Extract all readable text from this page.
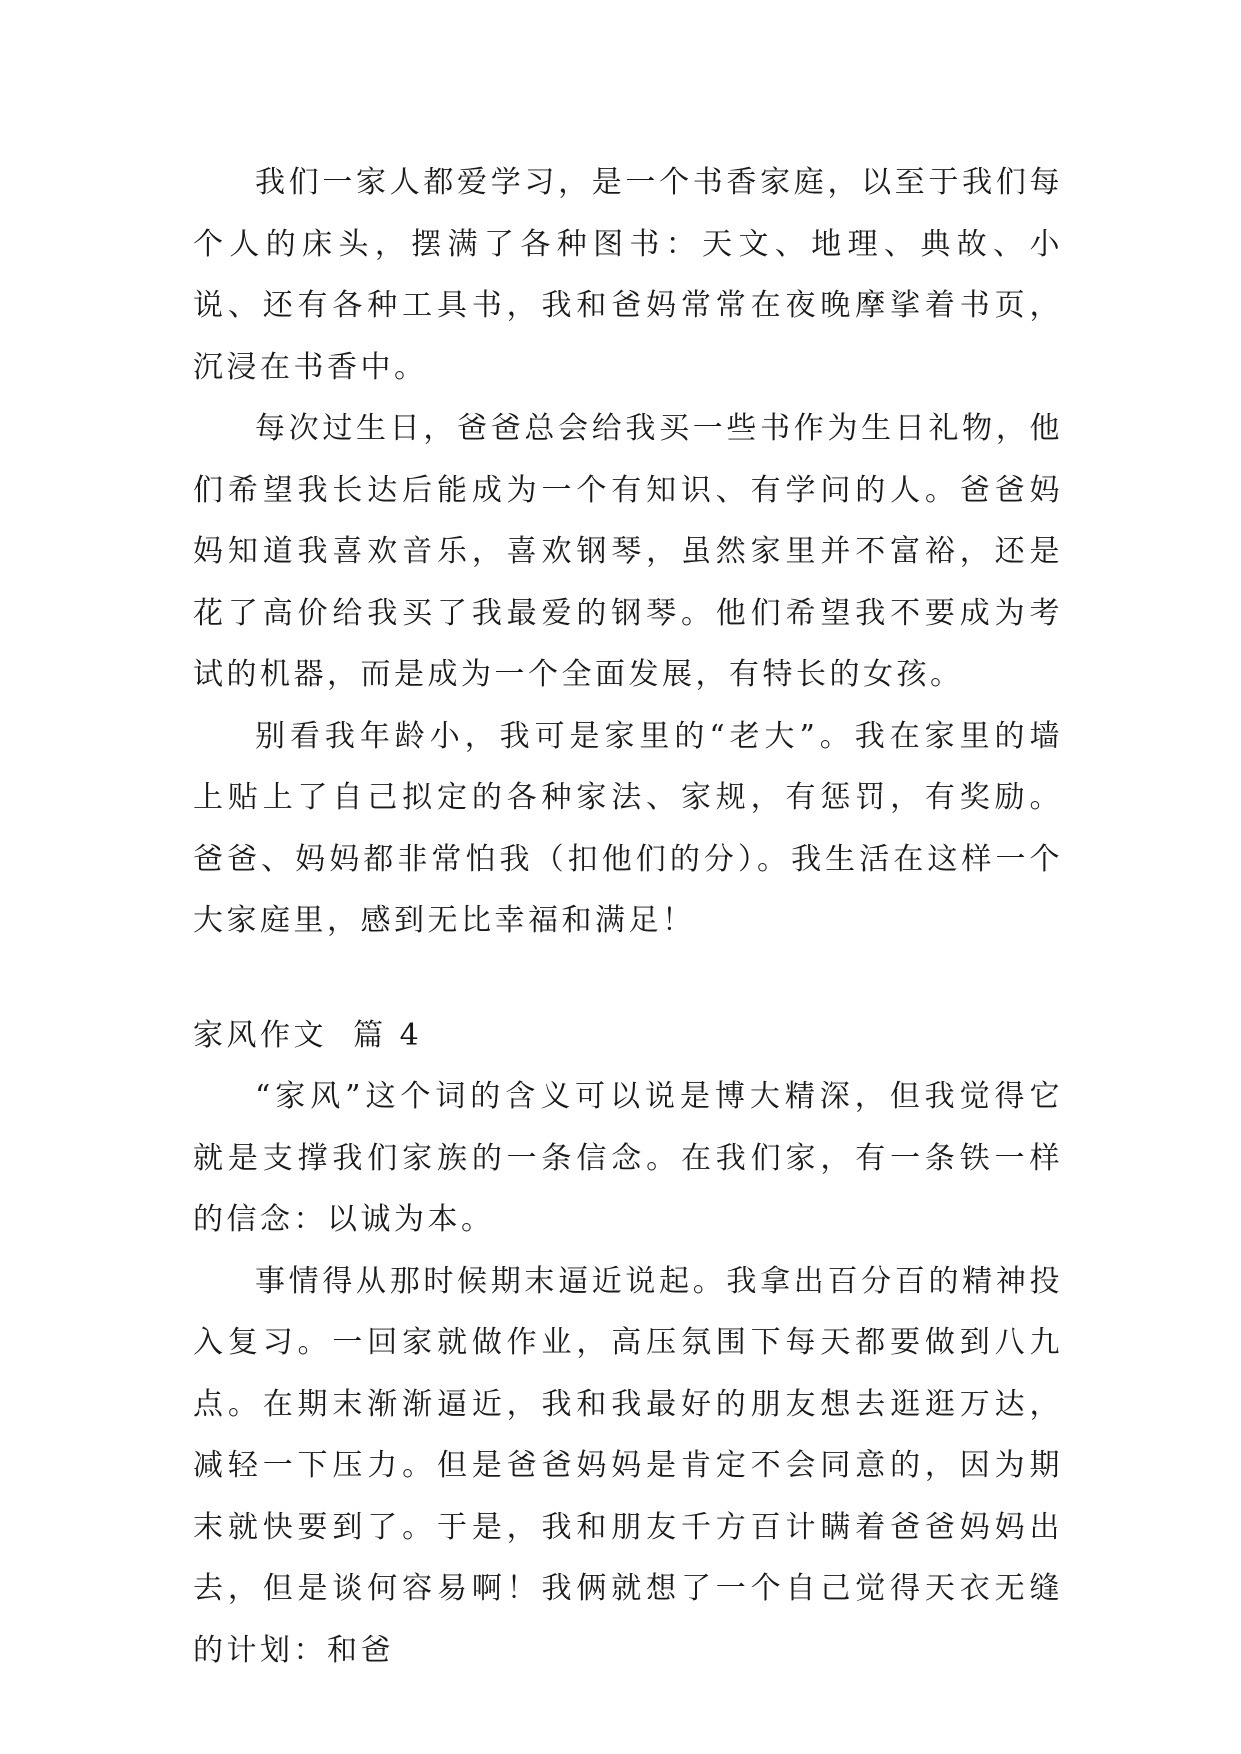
我们一家人都爱学习，是一个书香家庭，以至于我们每个人的床头，摆满了各种图书：天文、地理、典故、小说、还有各种工具书，我和爸妈常常在夜晚摩挲着书页，沉浸在书香中。

每次过生日，爸爸总会给我买一些书作为生日礼物，他们希望我长达后能成为一个有知识、有学问的人。爸爸妈妈知道我喜欢音乐，喜欢钢琴，虽然家里并不富裕，还是花了高价给我买了我最爱的钢琴。他们希望我不要成为考试的机器，而是成为一个全面发展，有特长的女孩。

别看我年龄小，我可是家里的“老大”。我在家里的墙上贴上了自己拟定的各种家法、家规，有惩罚，有奖励。爸爸、妈妈都非常怕我（扣他们的分）。我生活在这样一个大家庭里，感到无比幸福和满足！

家风作文  篇 4

“家风”这个词的含义可以说是博大精深，但我觉得它就是支撑我们家族的一条信念。在我们家，有一条铁一样的信念：以诚为本。

事情得从那时候期末逼近说起。我拿出百分百的精神投入复习。一回家就做作业，高压氛围下每天都要做到八九点。在期末渐渐逼近，我和我最好的朋友想去逛逛万达，减轻一下压力。但是爸爸妈妈是肯定不会同意的，因为期末就快要到了。于是，我和朋友千方百计瞒着爸爸妈妈出去，但是谈何容易啊！我俩就想了一个自己觉得天衣无缝的计划：和爸
